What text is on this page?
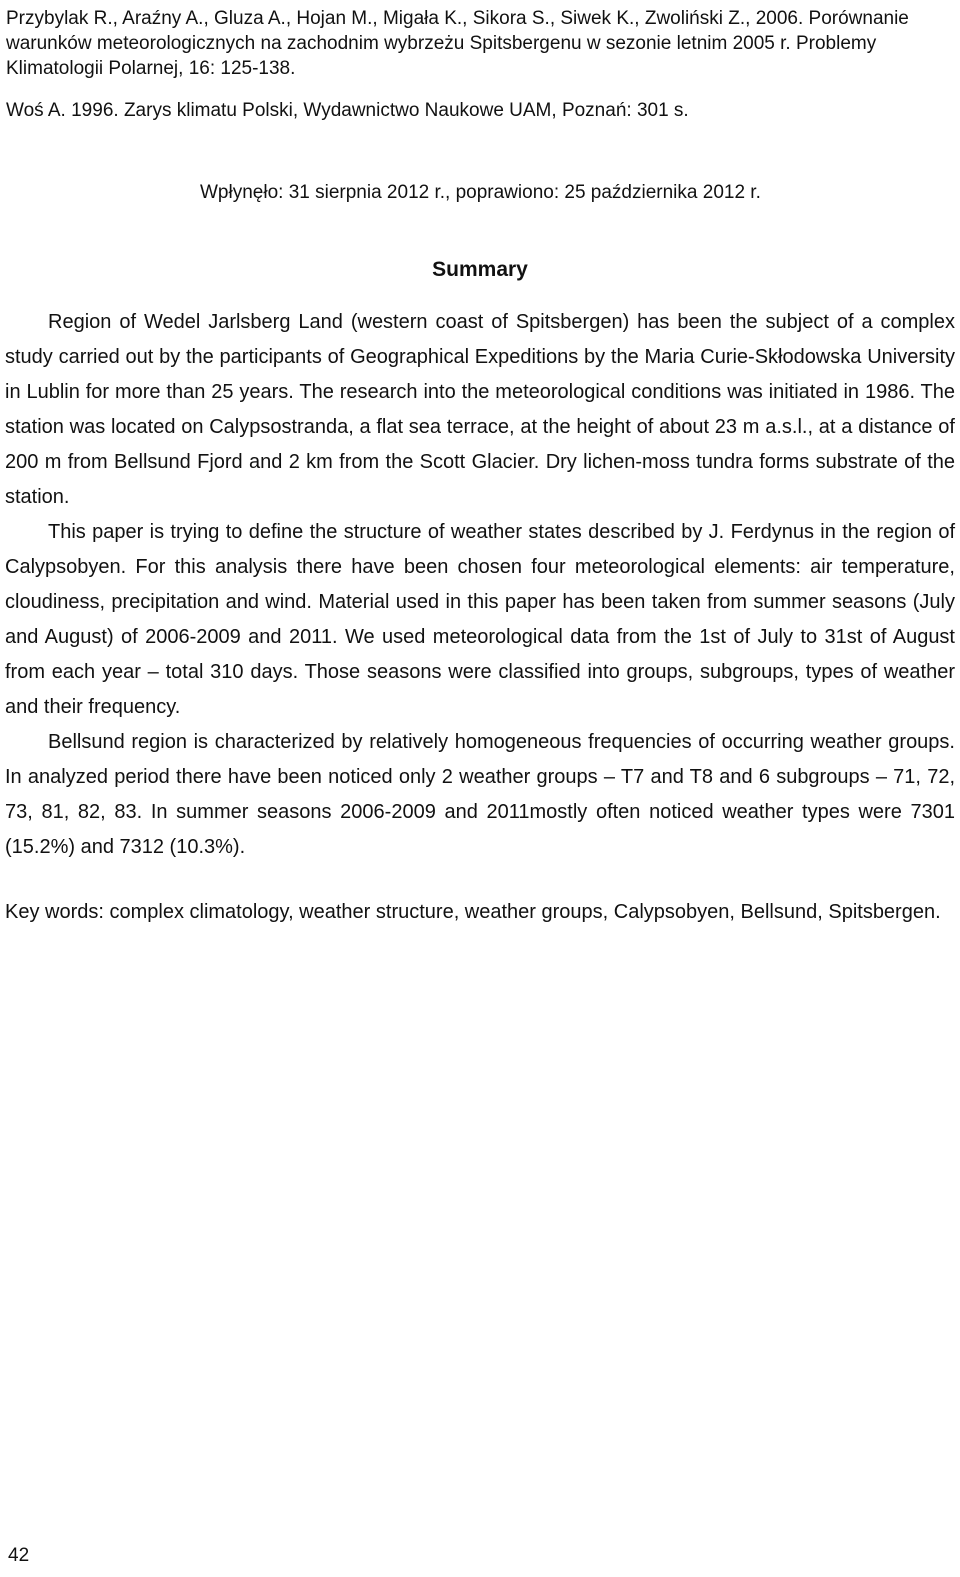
Przybylak R., Araźny A., Gluza A., Hojan M., Migała K., Sikora S., Siwek K., Zwoliński Z., 2006. Porównanie warunków meteorologicznych na zachodnim wybrzeżu Spitsbergenu w sezonie letnim 2005 r. Problemy Klimatologii Polarnej, 16: 125-138.

Woś A. 1996. Zarys klimatu Polski, Wydawnictwo Naukowe UAM, Poznań: 301 s.

Wpłynęło: 31 sierpnia 2012 r., poprawiono: 25 października 2012 r.

Summary

Region of Wedel Jarlsberg Land (western coast of Spitsbergen) has been the subject of a complex study carried out by the participants of Geographical Expeditions by the Maria Curie-Skłodowska University in Lublin for more than 25 years. The research into the meteorological conditions was initiated in 1986. The station was located on Calypsostranda, a flat sea terrace, at the height of about 23 m a.s.l., at a distance of 200 m from Bellsund Fjord and 2 km from the Scott Glacier. Dry lichen-moss tundra forms substrate of the station.

This paper is trying to define the structure of weather states described by J. Ferdynus in the region of Calypsobyen. For this analysis there have been chosen four meteorological elements: air temperature, cloudiness, precipitation and wind. Material used in this paper has been taken from summer seasons (July and August) of 2006-2009 and 2011. We used meteorological data from the 1st of July to 31st of August from each year – total 310 days. Those seasons were classified into groups, subgroups, types of weather and their frequency.

Bellsund region is characterized by relatively homogeneous frequencies of occurring weather groups. In analyzed period there have been noticed only 2 weather groups – T7 and T8 and 6 subgroups – 71, 72, 73, 81, 82, 83. In summer seasons 2006-2009 and 2011mostly often noticed weather types were 7301 (15.2%) and 7312 (10.3%).

Key words: complex climatology, weather structure, weather groups, Calypsobyen, Bellsund, Spitsbergen.

42
